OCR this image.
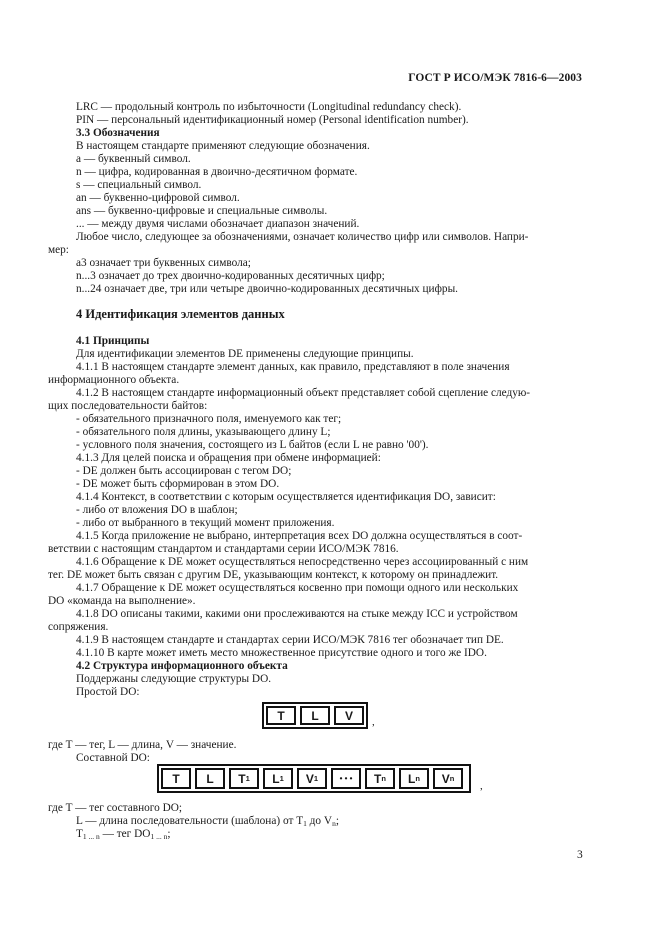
ГОСТ Р ИСО/МЭК 7816-6—2003
LRC — продольный контроль по избыточности (Longitudinal redundancy check).
PIN — персональный идентификационный номер (Personal identification number).
3.3 Обозначения
В настоящем стандарте применяют следующие обозначения.
a — буквенный символ.
n — цифра, кодированная в двоично-десятичном формате.
s — специальный символ.
an — буквенно-цифровой символ.
ans — буквенно-цифровые и специальные символы.
... — между двумя числами обозначает диапазон значений.
Любое число, следующее за обозначениями, означает количество цифр или символов. Напри-
мер:
a3 означает три буквенных символа;
n...3 означает до трех двоично-кодированных десятичных цифр;
n...24 означает две, три или четыре двоично-кодированных десятичных цифры.
4 Идентификация элементов данных
4.1 Принципы
Для идентификации элементов DE применены следующие принципы.
4.1.1 В настоящем стандарте элемент данных, как правило, представляют в поле значения
информационного объекта.
4.1.2 В настоящем стандарте информационный объект представляет собой сцепление следую-
щих последовательности байтов:
- обязательного призначного поля, именуемого как тег;
- обязательного поля длины, указывающего длину L;
- условного поля значения, состоящего из L байтов (если L не равно '00').
4.1.3 Для целей поиска и обращения при обмене информацией:
- DE должен быть ассоциирован с тегом DO;
- DE может быть сформирован в этом DO.
4.1.4 Контекст, в соответствии с которым осуществляется идентификация DO, зависит:
- либо от вложения DO в шаблон;
- либо от выбранного в текущий момент приложения.
4.1.5 Когда приложение не выбрано, интерпретация всех DO должна осуществляться в соот-
ветствии с настоящим стандартом и стандартами серии ИСО/МЭК 7816.
4.1.6 Обращение к DE может осуществляться непосредственно через ассоциированный с ним
тег. DE может быть связан с другим DE, указывающим контекст, к которому он принадлежит.
4.1.7 Обращение к DE может осуществляться косвенно при помощи одного или нескольких
DO «команда на выполнение».
4.1.8 DO описаны такими, какими они прослеживаются на стыке между ICC и устройством
сопряжения.
4.1.9 В настоящем стандарте и стандартах серии ИСО/МЭК 7816 тег обозначает тип DE.
4.1.10 В карте может иметь место множественное присутствие одного и того же IDO.
4.2 Структура информационного объекта
Поддержаны следующие структуры DO.
Простой DO:
T	L	V	,
где T — тег, L — длина, V — значение.
Составной DO:
T L T 1 L 1 V 1	• • • T n L n V n
,
где T — тег составного DO;
L — длина последовательности (шаблона) от $T_1$ до $V_n$;
$T_{1 ... n}$ — тег $DO_{1 ... n}$;
3
